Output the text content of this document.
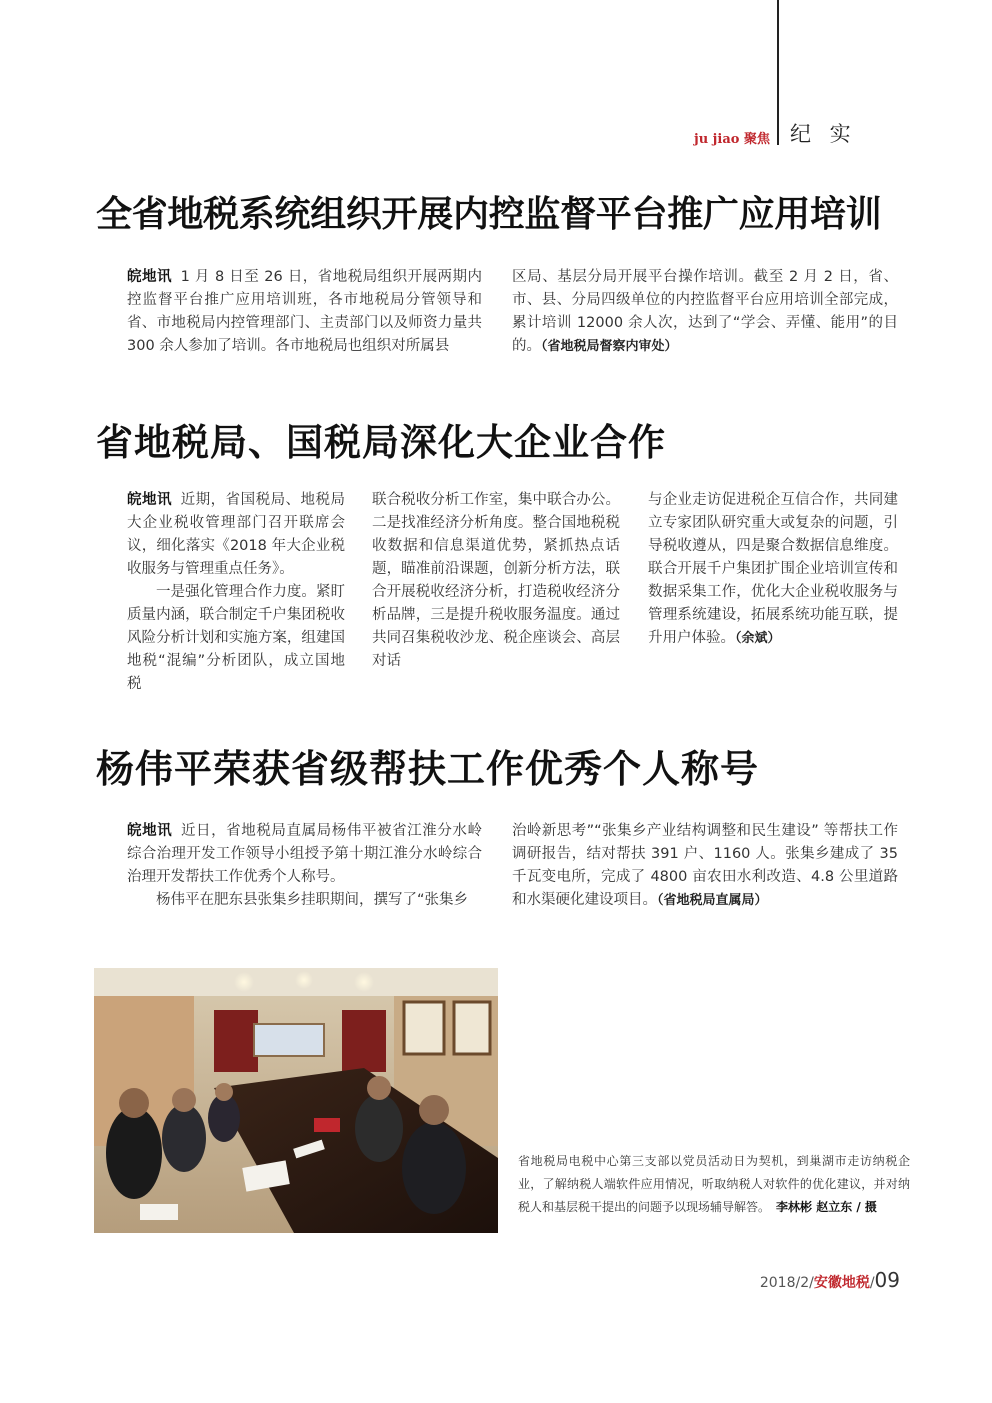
ju jiao 聚焦 纪 实
全省地税系统组织开展内控监督平台推广应用培训

皖地讯 1 月 8 日至 26 日，省地税局组织开展两期内控监督平台推广应用培训班，各市地税局分管领导和省、市地税局内控管理部门、主责部门以及师资力量共 300 余人参加了培训。各市地税局也组织对所属县

区局、基层分局开展平台操作培训。截至 2 月 2 日，省、市、县、分局四级单位的内控监督平台应用培训全部完成，累计培训 12000 余人次，达到了“学会、弄懂、能用”的目的。（省地税局督察内审处）

省地税局、国税局深化大企业合作

皖地讯 近期，省国税局、地税局大企业税收管理部门召开联席会议，细化落实《2018 年大企业税收服务与管理重点任务》。

一是强化管理合作力度。紧盯质量内涵，联合制定千户集团税收风险分析计划和实施方案，组建国地税“混编”分析团队，成立国地税

联合税收分析工作室，集中联合办公。二是找准经济分析角度。整合国地税税收数据和信息渠道优势，紧抓热点话题，瞄准前沿课题，创新分析方法，联合开展税收经济分析，打造税收经济分析品牌，三是提升税收服务温度。通过共同召集税收沙龙、税企座谈会、高层对话

与企业走访促进税企互信合作，共同建立专家团队研究重大或复杂的问题，引导税收遵从，四是聚合数据信息维度。联合开展千户集团扩围企业培训宣传和数据采集工作，优化大企业税收服务与管理系统建设，拓展系统功能互联，提升用户体验。（余斌）

杨伟平荣获省级帮扶工作优秀个人称号

皖地讯 近日，省地税局直属局杨伟平被省江淮分水岭综合治理开发工作领导小组授予第十期江淮分水岭综合治理开发帮扶工作优秀个人称号。

杨伟平在肥东县张集乡挂职期间，撰写了“张集乡

治岭新思考”“张集乡产业结构调整和民生建设” 等帮扶工作调研报告，结对帮扶 391 户、1160 人。张集乡建成了 35 千瓦变电所，完成了 4800 亩农田水利改造、4.8 公里道路和水渠硬化建设项目。（省地税局直属局）

省地税局电税中心第三支部以党员活动日为契机，到巢湖市走访纳税企业，了解纳税人端软件应用情况，听取纳税人对软件的优化建议，并对纳税人和基层税干提出的问题予以现场辅导解答。 李林彬 赵立东 / 摄
2018/2/安徽地税/09
